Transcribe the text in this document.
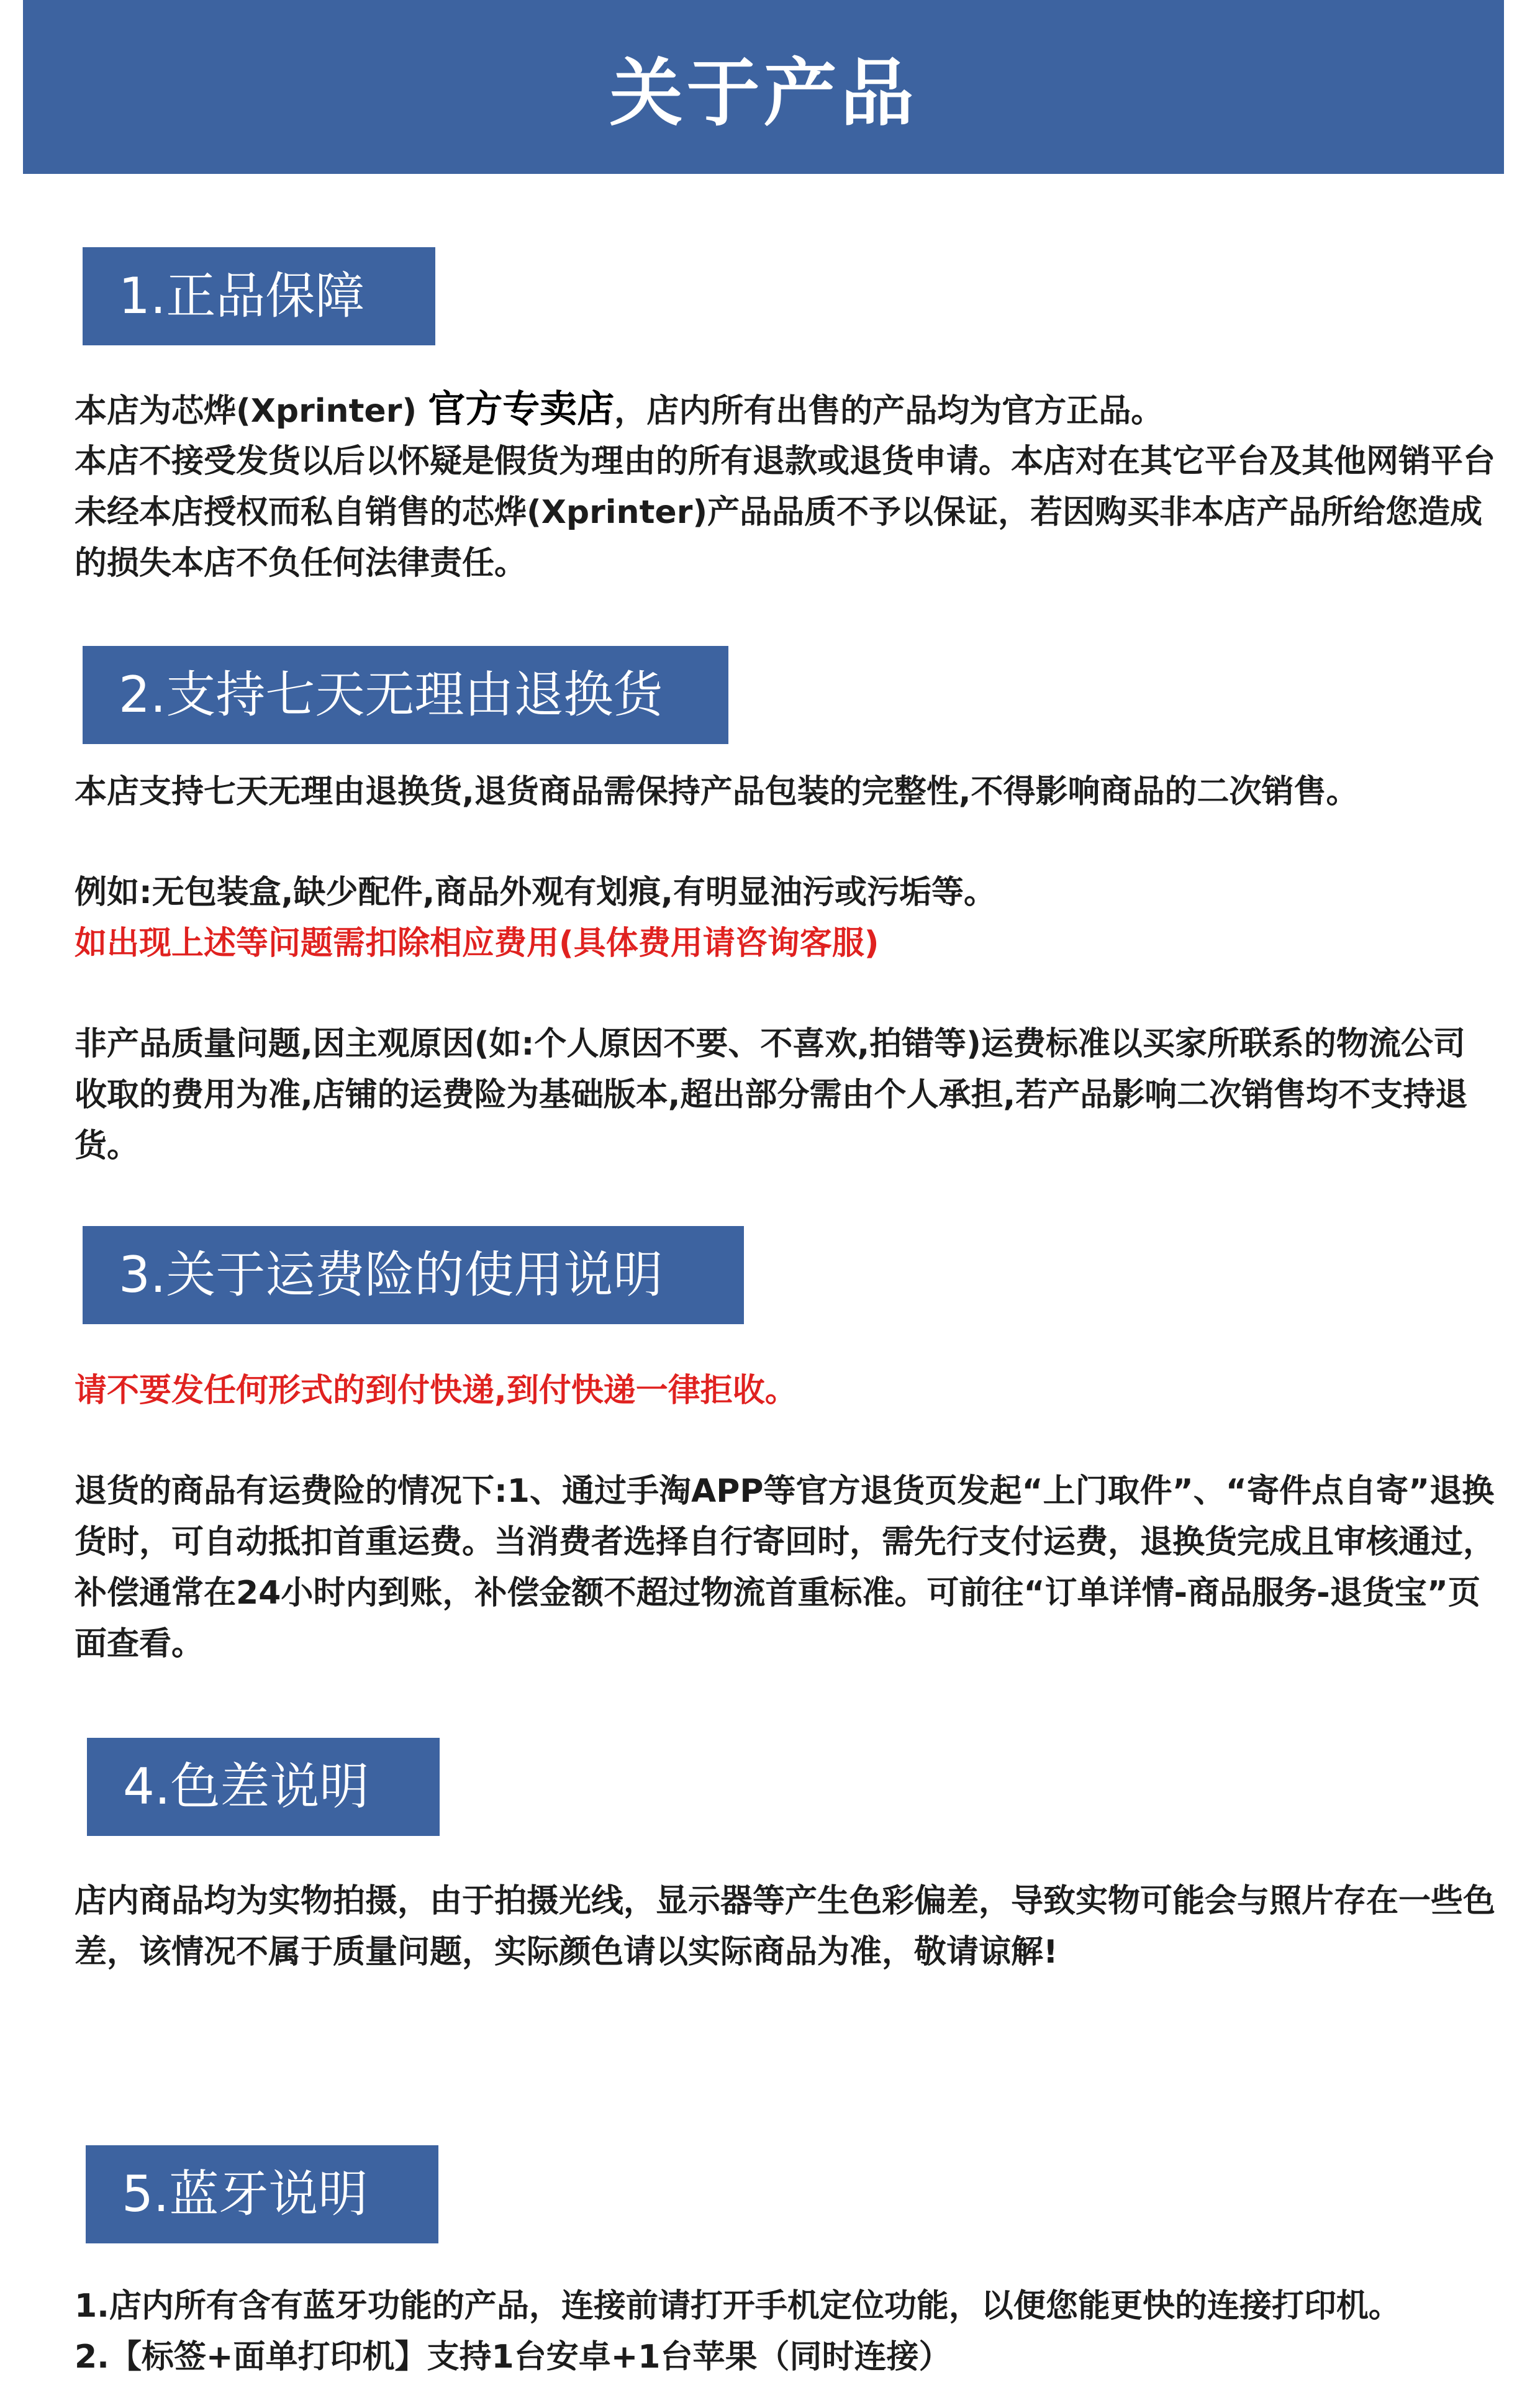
关于产品
1.正品保障
本店为芯烨(Xprinter) 官方专卖店，店内所有出售的产品均为官方正品。
本店不接受发货以后以怀疑是假货为理由的所有退款或退货申请。本店对在其它平台及其他网销平台未经本店授权而私自销售的芯烨(Xprinter)产品品质不予以保证，若因购买非本店产品所给您造成的损失本店不负任何法律责任。
2.支持七天无理由退换货
本店支持七天无理由退换货,退货商品需保持产品包装的完整性,不得影响商品的二次销售。
例如:无包装盒,缺少配件,商品外观有划痕,有明显油污或污垢等。
如出现上述等问题需扣除相应费用(具体费用请咨询客服)
非产品质量问题,因主观原因(如:个人原因不要、不喜欢,拍错等)运费标准以买家所联系的物流公司收取的费用为准,店铺的运费险为基础版本,超出部分需由个人承担,若产品影响二次销售均不支持退货。
3.关于运费险的使用说明
请不要发任何形式的到付快递,到付快递一律拒收。
退货的商品有运费险的情况下:1、通过手淘APP等官方退货页发起“上门取件”、“寄件点自寄”退换货时，可自动抵扣首重运费。当消费者选择自行寄回时，需先行支付运费，退换货完成且审核通过，补偿通常在24小时内到账，补偿金额不超过物流首重标准。可前往“订单详情-商品服务-退货宝”页面查看。
4.色差说明
店内商品均为实物拍摄，由于拍摄光线，显示器等产生色彩偏差，导致实物可能会与照片存在一些色差，该情况不属于质量问题，实际颜色请以实际商品为准，敬请谅解!
5.蓝牙说明
1.店内所有含有蓝牙功能的产品，连接前请打开手机定位功能，以便您能更快的连接打印机。
2.【标签+面单打印机】支持1台安卓+1台苹果（同时连接）
